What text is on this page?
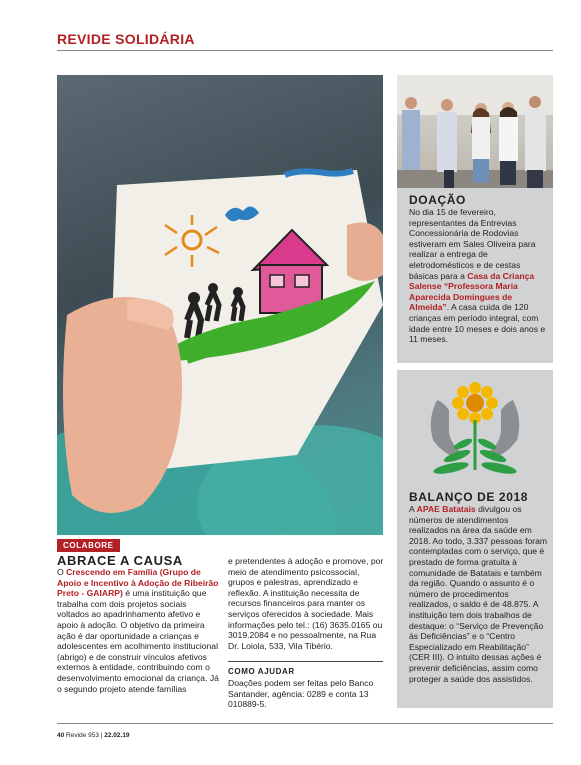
REVIDE SOLIDÁRIA
DOAÇÃO
No dia 15 de fevereiro, representantes da Entrevias Concessionária de Rodovias estiveram em Sales Oliveira para realizar a entrega de eletrodomésticos e de cestas básicas para a Casa da Criança Salense “Professora Maria Aparecida Domingues de Almeida”. A casa cuida de 120 crianças em período integral, com idade entre 10 meses e dois anos e 11 meses.
BALANÇO DE 2018
A APAE Batatais divulgou os números de atendimentos realizados na área da saúde em 2018. Ao todo, 3.337 pessoas foram contempladas com o serviço, que é prestado de forma gratuita à comunidade de Batatais e também da região. Quando o assunto é o número de procedimentos realizados, o saldo é de 48.875. A instituição tem dois trabalhos de destaque: o “Serviço de Prevenção às Deficiências” e o “Centro Especializado em Reabilitação” (CER III). O intuito dessas ações é prevenir deficiências, assim como proteger a saúde dos assistidos.
COLABORE
ABRACE A CAUSA
O Crescendo em Família (Grupo de Apoio e Incentivo à Adoção de Ribeirão Preto - GAIARP) é uma instituição que trabalha com dois projetos sociais voltados ao apadrinhamento afetivo e apoio à adoção. O objetivo da primeira ação é dar oportunidade a crianças e adolescentes em acolhimento institucional (abrigo) e de construir vínculos afetivos externos à entidade, contribuindo com o desenvolvimento emocional da criança. Já o segundo projeto atende famílias
e pretendentes à adoção e promove, por meio de atendimento psicossocial, grupos e palestras, aprendizado e reflexão. A instituição necessita de recursos financeiros para manter os serviços oferecidos à sociedade. Mais informações pelo tel.: (16) 3635.0165 ou 3019.2084 e no pessoalmente, na Rua Dr. Loiola, 533, Vila Tibério.
COMO AJUDAR
Doações podem ser feitas pelo Banco Santander, agência: 0289 e conta 13 010889-5.
40 Revide 953 | 22.02.19
